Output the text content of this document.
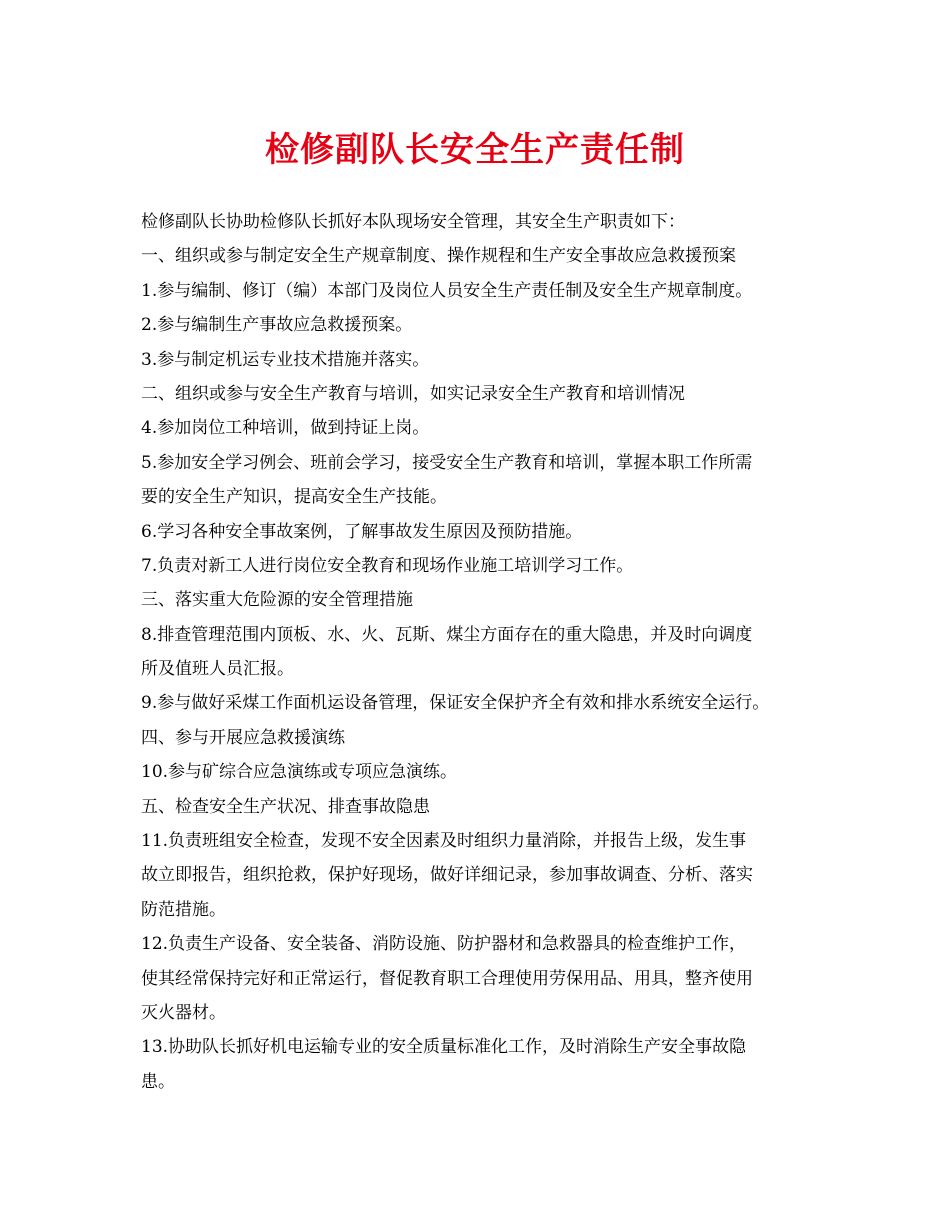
检修副队长安全生产责任制
检修副队长协助检修队长抓好本队现场安全管理，其安全生产职责如下：
一、组织或参与制定安全生产规章制度、操作规程和生产安全事故应急救援预案
1.参与编制、修订（编）本部门及岗位人员安全生产责任制及安全生产规章制度。
2.参与编制生产事故应急救援预案。
3.参与制定机运专业技术措施并落实。
二、组织或参与安全生产教育与培训，如实记录安全生产教育和培训情况
4.参加岗位工种培训，做到持证上岗。
5.参加安全学习例会、班前会学习，接受安全生产教育和培训，掌握本职工作所需
要的安全生产知识，提高安全生产技能。
6.学习各种安全事故案例，了解事故发生原因及预防措施。
7.负责对新工人进行岗位安全教育和现场作业施工培训学习工作。
三、落实重大危险源的安全管理措施
8.排查管理范围内顶板、水、火、瓦斯、煤尘方面存在的重大隐患，并及时向调度
所及值班人员汇报。
9.参与做好采煤工作面机运设备管理，保证安全保护齐全有效和排水系统安全运行。
四、参与开展应急救援演练
10.参与矿综合应急演练或专项应急演练。
五、检查安全生产状况、排查事故隐患
11.负责班组安全检查，发现不安全因素及时组织力量消除，并报告上级，发生事
故立即报告，组织抢救，保护好现场，做好详细记录，参加事故调查、分析、落实
防范措施。
12.负责生产设备、安全装备、消防设施、防护器材和急救器具的检查维护工作，
使其经常保持完好和正常运行，督促教育职工合理使用劳保用品、用具，整齐使用
灭火器材。
13.协助队长抓好机电运输专业的安全质量标准化工作，及时消除生产安全事故隐
患。
